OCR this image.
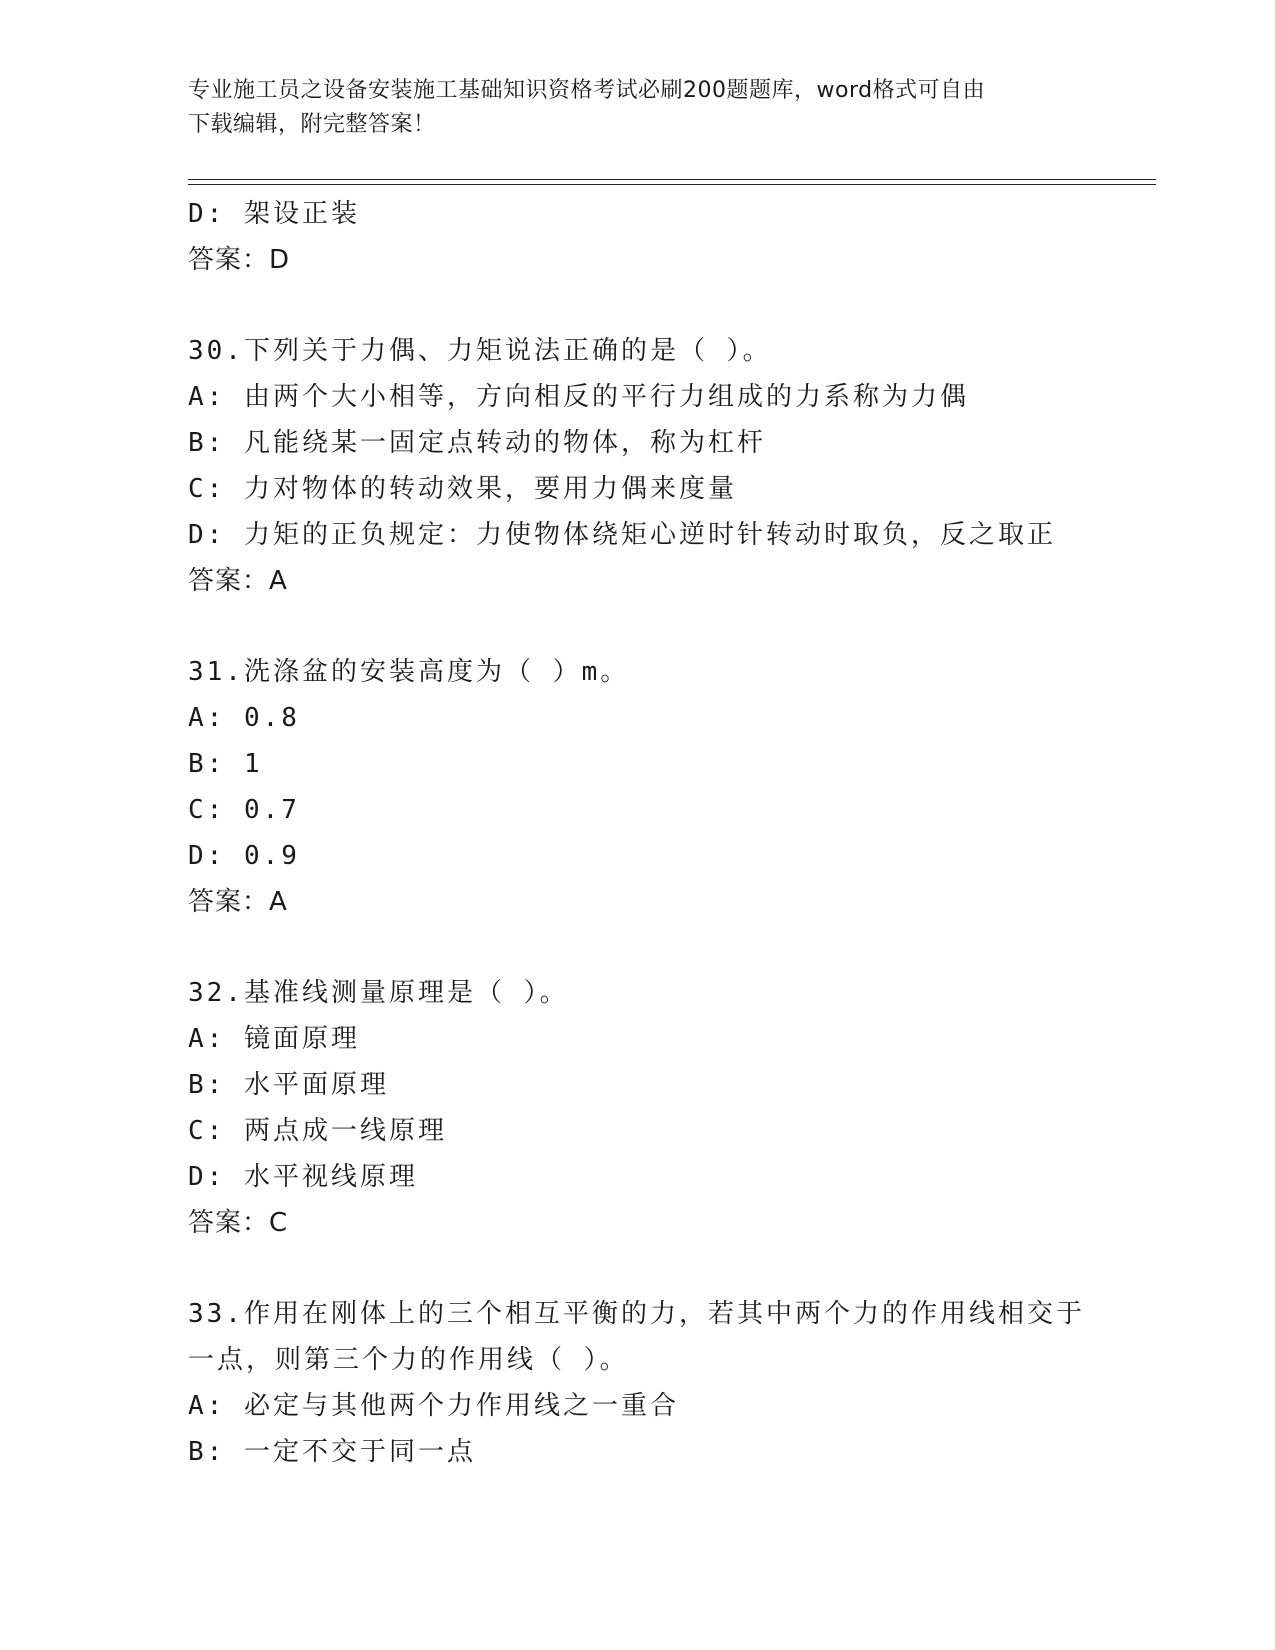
专业施工员之设备安装施工基础知识资格考试必刷200题题库，word格式可自由
下载编辑，附完整答案！
D: 架设正装
答案：D
30.下列关于力偶、力矩说法正确的是（ ）。
A: 由两个大小相等，方向相反的平行力组成的力系称为力偶
B: 凡能绕某一固定点转动的物体，称为杠杆
C: 力对物体的转动效果，要用力偶来度量
D: 力矩的正负规定：力使物体绕矩心逆时针转动时取负，反之取正
答案：A
31.洗涤盆的安装高度为（ ）m。
A: 0.8
B: 1
C: 0.7
D: 0.9
答案：A
32.基准线测量原理是（ ）。
A: 镜面原理
B: 水平面原理
C: 两点成一线原理
D: 水平视线原理
答案：C
33.作用在刚体上的三个相互平衡的力，若其中两个力的作用线相交于
一点，则第三个力的作用线（ ）。
A: 必定与其他两个力作用线之一重合
B: 一定不交于同一点
